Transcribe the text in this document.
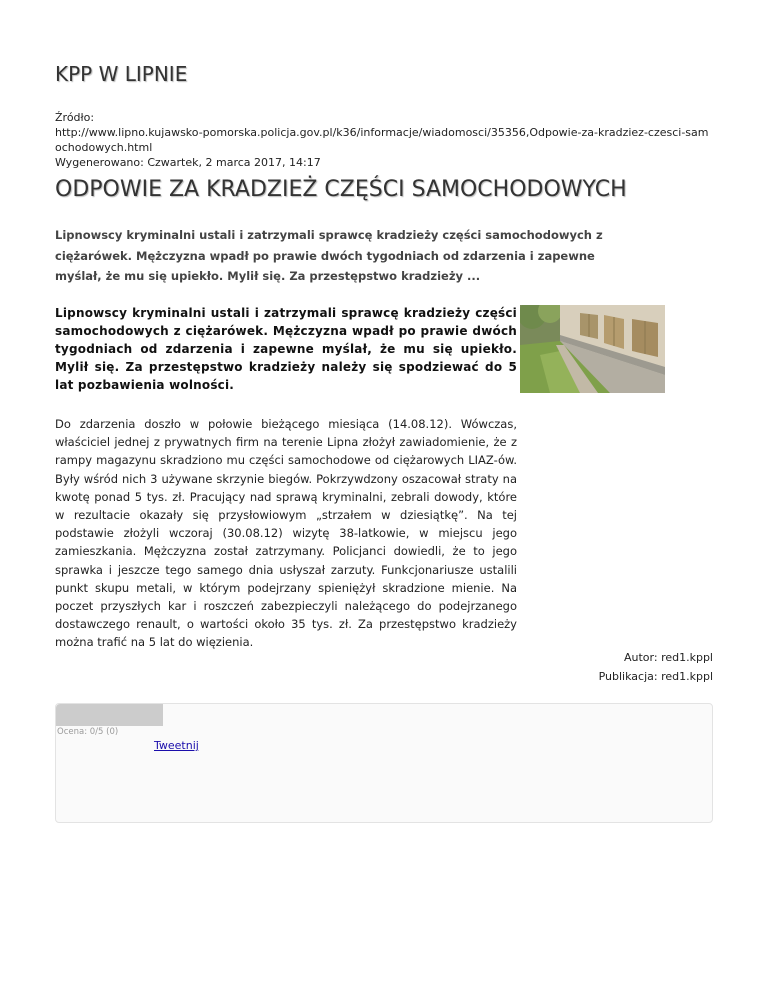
KPP W LIPNIE
Źródło:
http://www.lipno.kujawsko-pomorska.policja.gov.pl/k36/informacje/wiadomosci/35356,Odpowie-za-kradziez-czesci-samochodowych.html
Wygenerowano: Czwartek, 2 marca 2017, 14:17
ODPOWIE ZA KRADZIEŻ CZĘŚCI SAMOCHODOWYCH
Lipnowscy kryminalni ustali i zatrzymali sprawcę kradzieży części samochodowych z ciężarówek. Mężczyzna wpadł po prawie dwóch tygodniach od zdarzenia i zapewne myślał, że mu się upiekło. Mylił się. Za przestępstwo kradzieży ...
Lipnowscy kryminalni ustali i zatrzymali sprawcę kradzieży części samochodowych z ciężarówek. Mężczyzna wpadł po prawie dwóch tygodniach od zdarzenia i zapewne myślał, że mu się upiekło. Mylił się. Za przestępstwo kradzieży należy się spodziewać do 5 lat pozbawienia wolności.

Do zdarzenia doszło w połowie bieżącego miesiąca (14.08.12). Wówczas, właściciel jednej z prywatnych firm na terenie Lipna złożył zawiadomienie, że z rampy magazynu skradziono mu części samochodowe od ciężarowych LIAZ-ów. Były wśród nich 3 używane skrzynie biegów. Pokrzywdzony oszacował straty na kwotę ponad 5 tys. zł. Pracujący nad sprawą kryminalni, zebrali dowody, które w rezultacie okazały się przysłowiowym „strzałem w dziesiątkę”. Na tej podstawie złożyli wczoraj (30.08.12) wizytę 38-latkowie, w miejscu jego zamieszkania. Mężczyzna został zatrzymany. Policjanci dowiedli, że to jego sprawka i jeszcze tego samego dnia usłyszał zarzuty. Funkcjonariusze ustalili punkt skupu metali, w którym podejrzany spieniężył skradzione mienie. Na poczet przyszłych kar i roszczeń zabezpieczyli należącego do podejrzanego dostawczego renault, o wartości około 35 tys. zł. Za przestępstwo kradzieży można trafić na 5 lat do więzienia.

Autor: red1.kppl
Publikacja: red1.kppl
Ocena: 0/5 (0)
Tweetnij
